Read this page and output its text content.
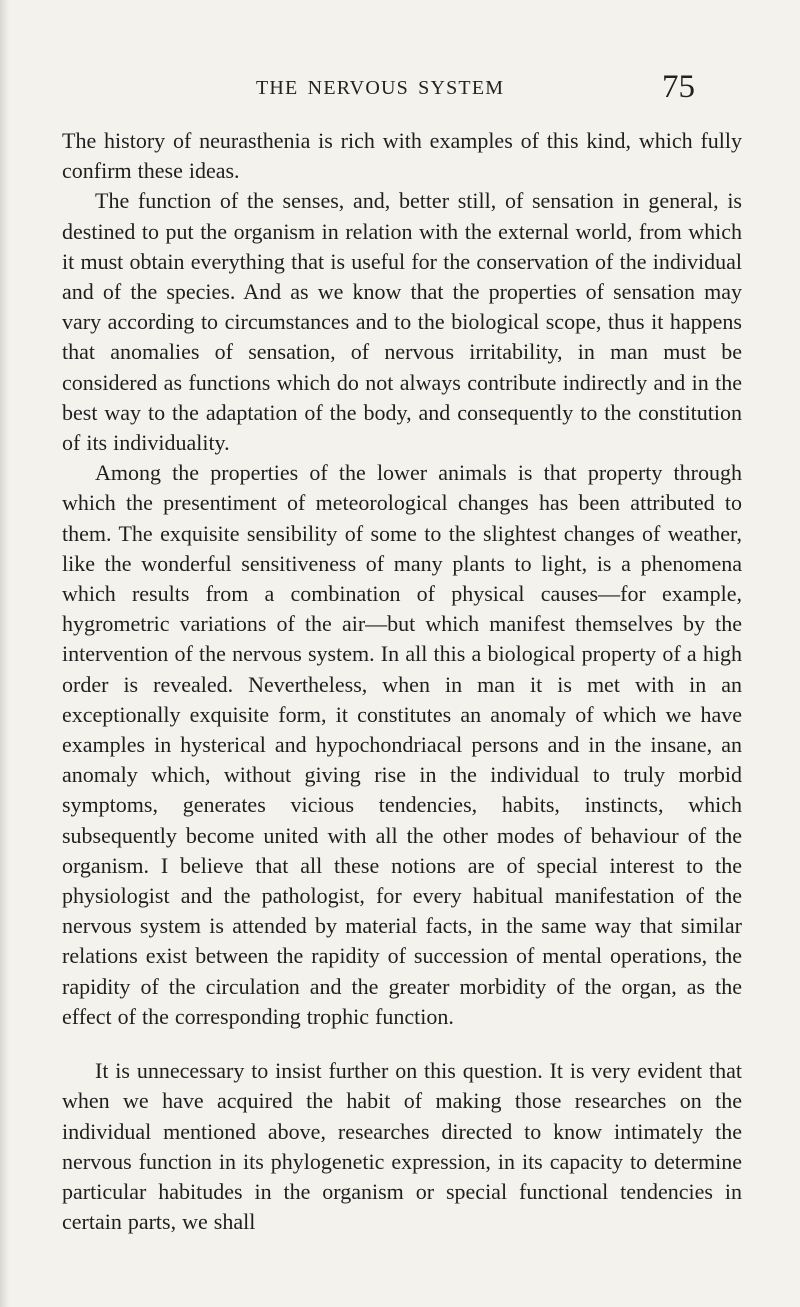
THE NERVOUS SYSTEM	75

The history of neurasthenia is rich with examples of this kind, which fully confirm these ideas.

The function of the senses, and, better still, of sensation in general, is destined to put the organism in relation with the external world, from which it must obtain everything that is useful for the conservation of the individual and of the species. And as we know that the properties of sensation may vary according to circumstances and to the biological scope, thus it happens that anomalies of sensation, of nervous irritability, in man must be considered as functions which do not always contribute indirectly and in the best way to the adaptation of the body, and consequently to the constitution of its individuality.

Among the properties of the lower animals is that property through which the presentiment of meteorological changes has been attributed to them. The exquisite sensibility of some to the slightest changes of weather, like the wonderful sensitiveness of many plants to light, is a phenomena which results from a combination of physical causes—for example, hygrometric variations of the air—but which manifest themselves by the intervention of the nervous system. In all this a biological property of a high order is revealed. Nevertheless, when in man it is met with in an exceptionally exquisite form, it constitutes an anomaly of which we have examples in hysterical and hypochondriacal persons and in the insane, an anomaly which, without giving rise in the individual to truly morbid symptoms, generates vicious tendencies, habits, instincts, which subsequently become united with all the other modes of behaviour of the organism. I believe that all these notions are of special interest to the physiologist and the pathologist, for every habitual manifestation of the nervous system is attended by material facts, in the same way that similar relations exist between the rapidity of succession of mental operations, the rapidity of the circulation and the greater morbidity of the organ, as the effect of the corresponding trophic function.

It is unnecessary to insist further on this question. It is very evident that when we have acquired the habit of making those researches on the individual mentioned above, researches directed to know intimately the nervous function in its phylogenetic expression, in its capacity to determine particular habitudes in the organism or special functional tendencies in certain parts, we shall
